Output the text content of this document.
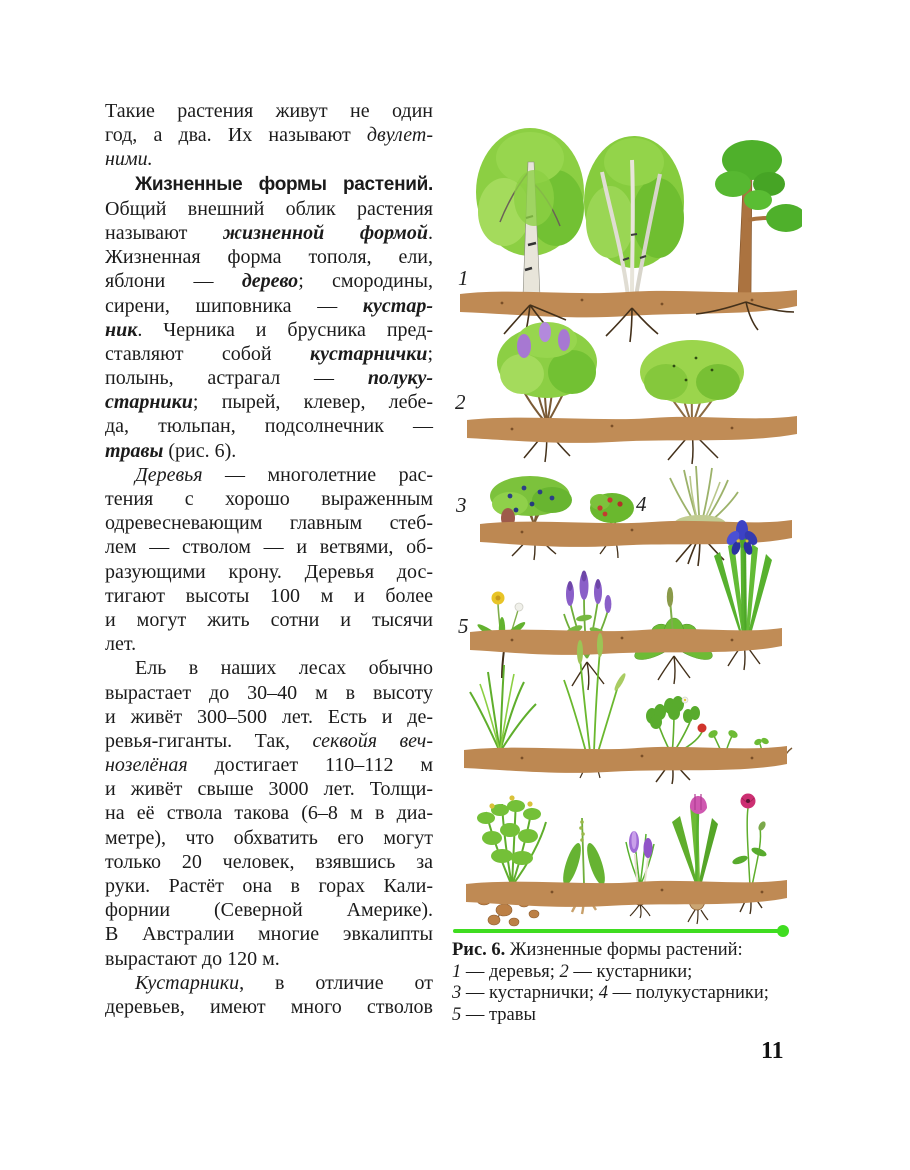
Такие растения живут не один
год, а два. Их называют двулет-
ними.
Жизненные формы растений.
Общий внешний облик растения
называют жизненной формой.
Жизненная форма тополя, ели,
яблони — дерево; смородины,
сирени, шиповника — кустар-
ник. Черника и брусника пред-
ставляют собой кустарнички;
полынь, астрагал — полуку-
старники; пырей, клевер, лебе-
да, тюльпан, подсолнечник —
травы (рис. 6).
Деревья — многолетние рас-
тения с хорошо выраженным
одревесневающим главным стеб-
лем — стволом — и ветвями, об-
разующими крону. Деревья дос-
тигают высоты 100 м и более
и могут жить сотни и тысячи
лет.
Ель в наших лесах обычно
вырастает до 30–40 м в высоту
и живёт 300–500 лет. Есть и де-
ревья-гиганты. Так, секвойя веч-
нозелёная достигает 110–112 м
и живёт свыше 3000 лет. Толщи-
на её ствола такова (6–8 м в диа-
метре), что обхватить его могут
только 20 человек, взявшись за
руки. Растёт она в горах Кали-
форнии (Северной Америке).
В Австралии многие эвкалипты
вырастают до 120 м.
Кустарники, в отличие от
деревьев, имеют много стволов
1
2
3	4
5
Рис. 6. Жизненные формы растений:
1 — деревья; 2 — кустарники;
3 — кустарнички; 4 — полукустарники;
5 — травы
11
